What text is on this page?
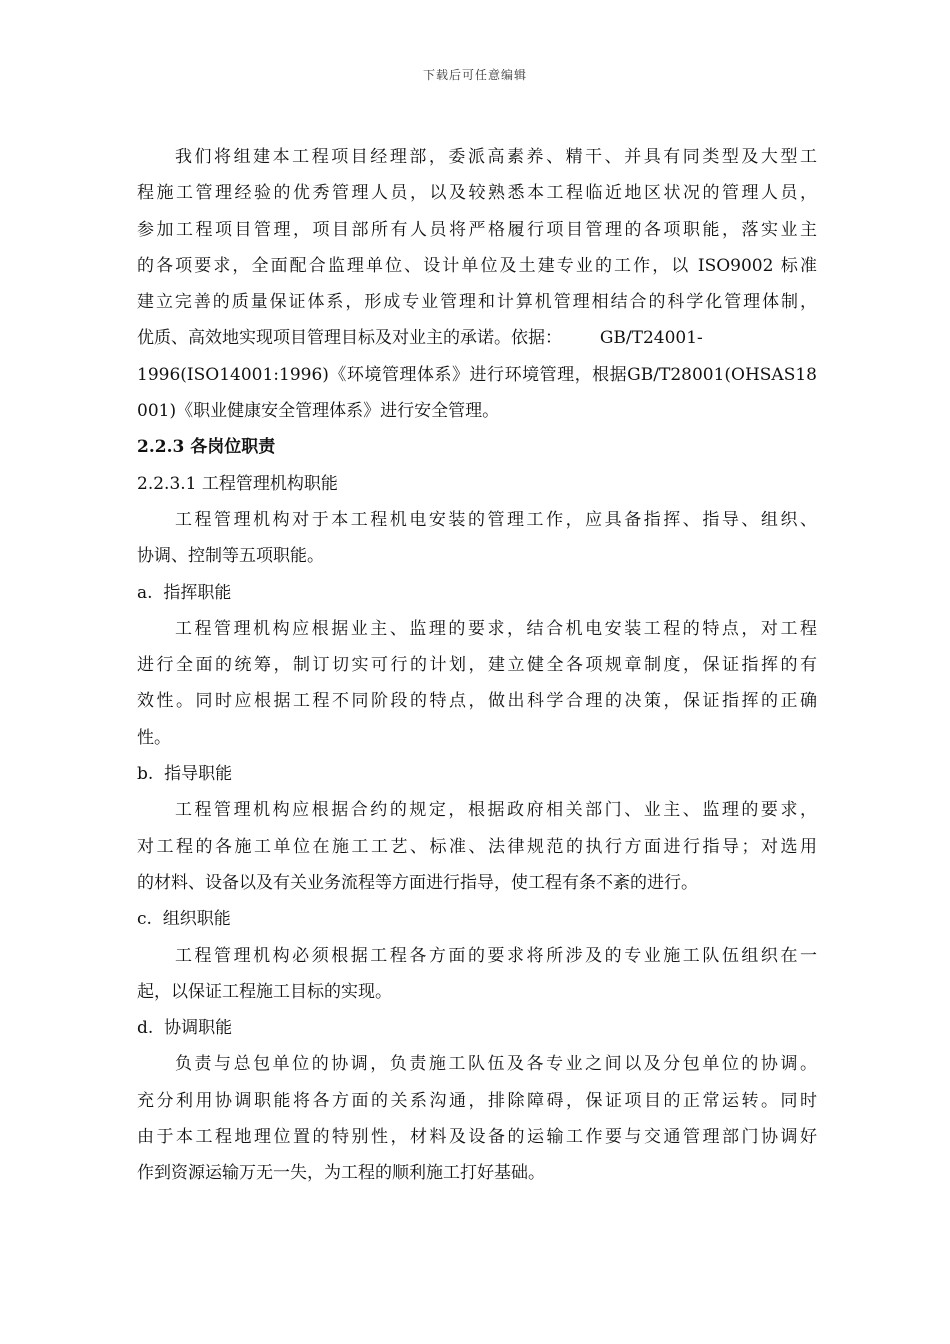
下载后可任意编辑
我们将组建本工程项目经理部，委派高素养、精干、并具有同类型及大型工
程施工管理经验的优秀管理人员，以及较熟悉本工程临近地区状况的管理人员，
参加工程项目管理，项目部所有人员将严格履行项目管理的各项职能，落实业主
的各项要求，全面配合监理单位、设计单位及土建专业的工作，以 ISO9002 标准
建立完善的质量保证体系，形成专业管理和计算机管理相结合的科学化管理体制，
优质、高效地实现项目管理目标及对业主的承诺。依据：       GB/T24001-
1996(ISO14001:1996)《环境管理体系》进行环境管理，根据GB/T28001(OHSAS18
001)《职业健康安全管理体系》进行安全管理。
2.2.3 各岗位职责
2.2.3.1 工程管理机构职能
工程管理机构对于本工程机电安装的管理工作，应具备指挥、指导、组织、
协调、控制等五项职能。
a.  指挥职能
工程管理机构应根据业主、监理的要求，结合机电安装工程的特点，对工程
进行全面的统筹，制订切实可行的计划，建立健全各项规章制度，保证指挥的有
效性。同时应根据工程不同阶段的特点，做出科学合理的决策，保证指挥的正确
性。
b.  指导职能
工程管理机构应根据合约的规定，根据政府相关部门、业主、监理的要求，
对工程的各施工单位在施工工艺、标准、法律规范的执行方面进行指导；对选用
的材料、设备以及有关业务流程等方面进行指导，使工程有条不紊的进行。
c.  组织职能
工程管理机构必须根据工程各方面的要求将所涉及的专业施工队伍组织在一
起，以保证工程施工目标的实现。
d.  协调职能
负责与总包单位的协调，负责施工队伍及各专业之间以及分包单位的协调。
充分利用协调职能将各方面的关系沟通，排除障碍，保证项目的正常运转。同时
由于本工程地理位置的特别性，材料及设备的运输工作要与交通管理部门协调好
作到资源运输万无一失，为工程的顺利施工打好基础。
